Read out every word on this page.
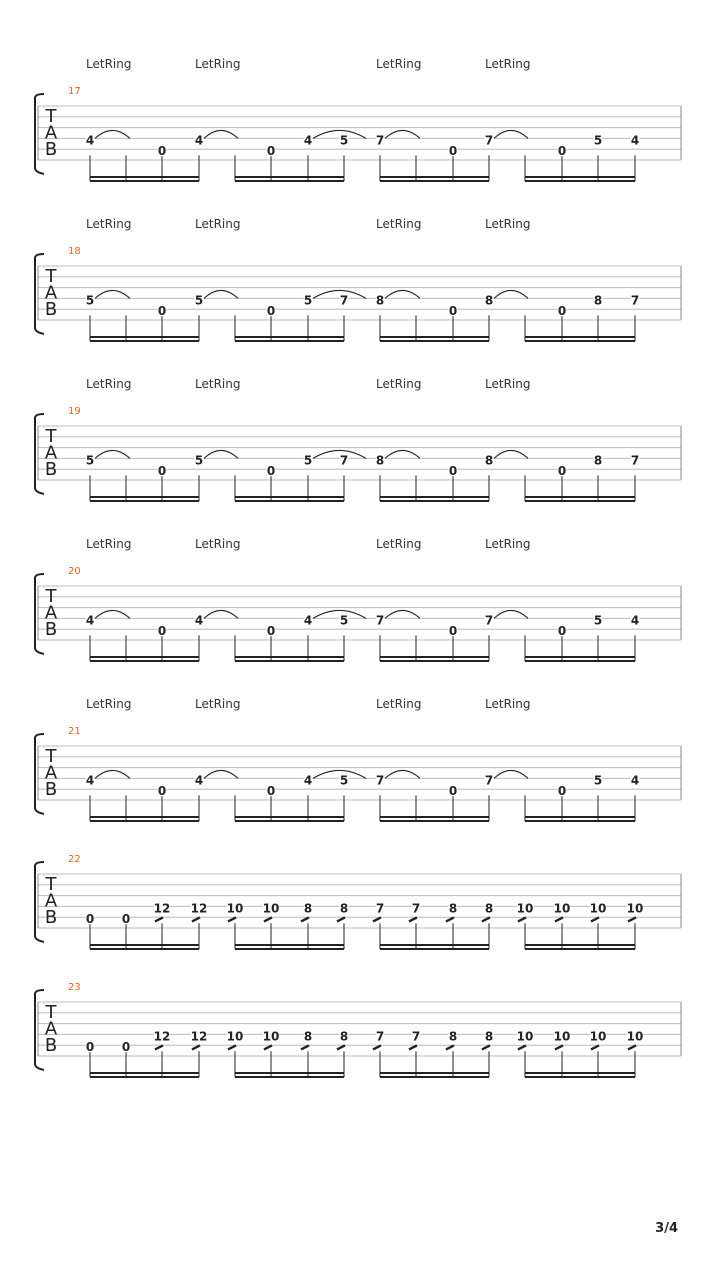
LetRing	LetRing	LetRing	LetRing
17
T
A
B 4
0
4
0
4 5 7
0
7
0
5 4
LetRing	LetRing	LetRing	LetRing
18
T
A
B 5
0
5
0
5 7 8
0
8
0
8 7
LetRing	LetRing	LetRing	LetRing
19
T
A
B 5
0
5
0
5 7 8
0
8
0
8 7
LetRing	LetRing	LetRing	LetRing
20
T
A
B 4
0
4
0
4 5 7
0
7
0
5 4
LetRing	LetRing	LetRing	LetRing
21
T
A
B 4
0
4
0
4 5 7
0
7
0
5 4
22
T
A
B 0 0
12 12 10 10 8 8 7 7 8 8 10 10 10 10
23
T
A
B 0 0
12 12 10 10 8 8 7 7 8 8 10 10 10 10
3/4
